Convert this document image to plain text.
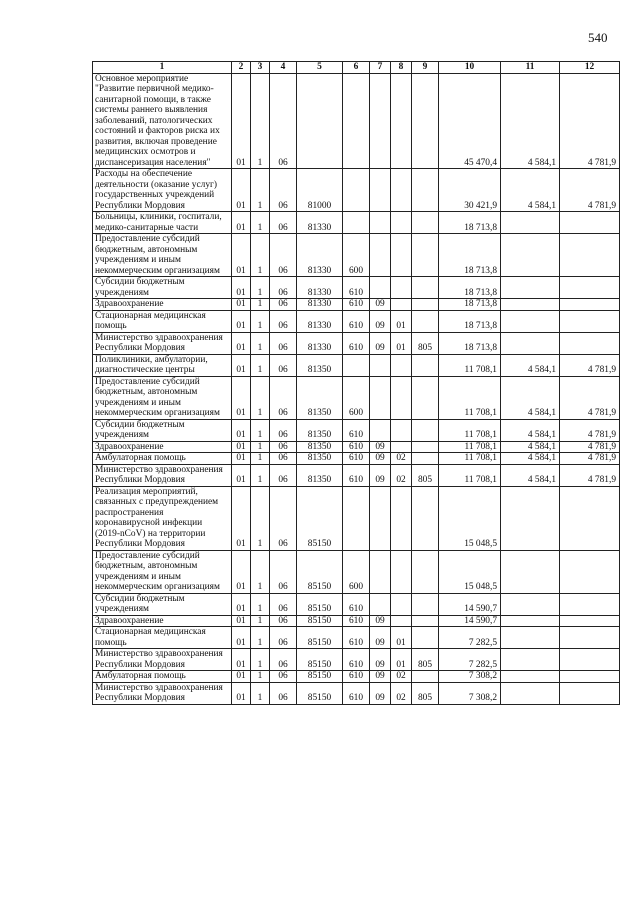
540
1	2	3	4	5	6	7	8	9	10	11	12
Основное мероприятие "Развитие первичной медико-санитарной помощи, в также системы раннего выявления заболеваний, патологических состояний и факторов риска их развития, включая проведение медицинских осмотров и диспансеризация населения"	01	1	06						45 470,4	4 584,1	4 781,9
Расходы на обеспечение деятельности (оказание услуг) государственных учреждений Республики Мордовия	01	1	06	81000					30 421,9	4 584,1	4 781,9
Больницы, клиники, госпитали, медико-санитарные части	01	1	06	81330					18 713,8		
Предоставление субсидий бюджетным, автономным учреждениям и иным некоммерческим организациям	01	1	06	81330	600				18 713,8		
Субсидии бюджетным учреждениям	01	1	06	81330	610				18 713,8		
Здравоохранение	01	1	06	81330	610	09			18 713,8		
Стационарная медицинская помощь	01	1	06	81330	610	09	01		18 713,8		
Министерство здравоохранения Республики Мордовия	01	1	06	81330	610	09	01	805	18 713,8		
Поликлиники, амбулатории, диагностические центры	01	1	06	81350					11 708,1	4 584,1	4 781,9
Предоставление субсидий бюджетным, автономным учреждениям и иным некоммерческим организациям	01	1	06	81350	600				11 708,1	4 584,1	4 781,9
Субсидии бюджетным учреждениям	01	1	06	81350	610				11 708,1	4 584,1	4 781,9
Здравоохранение	01	1	06	81350	610	09			11 708,1	4 584,1	4 781,9
Амбулаторная помощь	01	1	06	81350	610	09	02		11 708,1	4 584,1	4 781,9
Министерство здравоохранения Республики Мордовия	01	1	06	81350	610	09	02	805	11 708,1	4 584,1	4 781,9
Реализация мероприятий, связанных с предупреждением распространения коронавирусной инфекции (2019-nCoV) на территории Республики Мордовия	01	1	06	85150					15 048,5		
Предоставление субсидий бюджетным, автономным учреждениям и иным некоммерческим организациям	01	1	06	85150	600				15 048,5		
Субсидии бюджетным учреждениям	01	1	06	85150	610				14 590,7		
Здравоохранение	01	1	06	85150	610	09			14 590,7		
Стационарная медицинская помощь	01	1	06	85150	610	09	01		7 282,5		
Министерство здравоохранения Республики Мордовия	01	1	06	85150	610	09	01	805	7 282,5		
Амбулаторная помощь	01	1	06	85150	610	09	02		7 308,2		
Министерство здравоохранения Республики Мордовия	01	1	06	85150	610	09	02	805	7 308,2		
